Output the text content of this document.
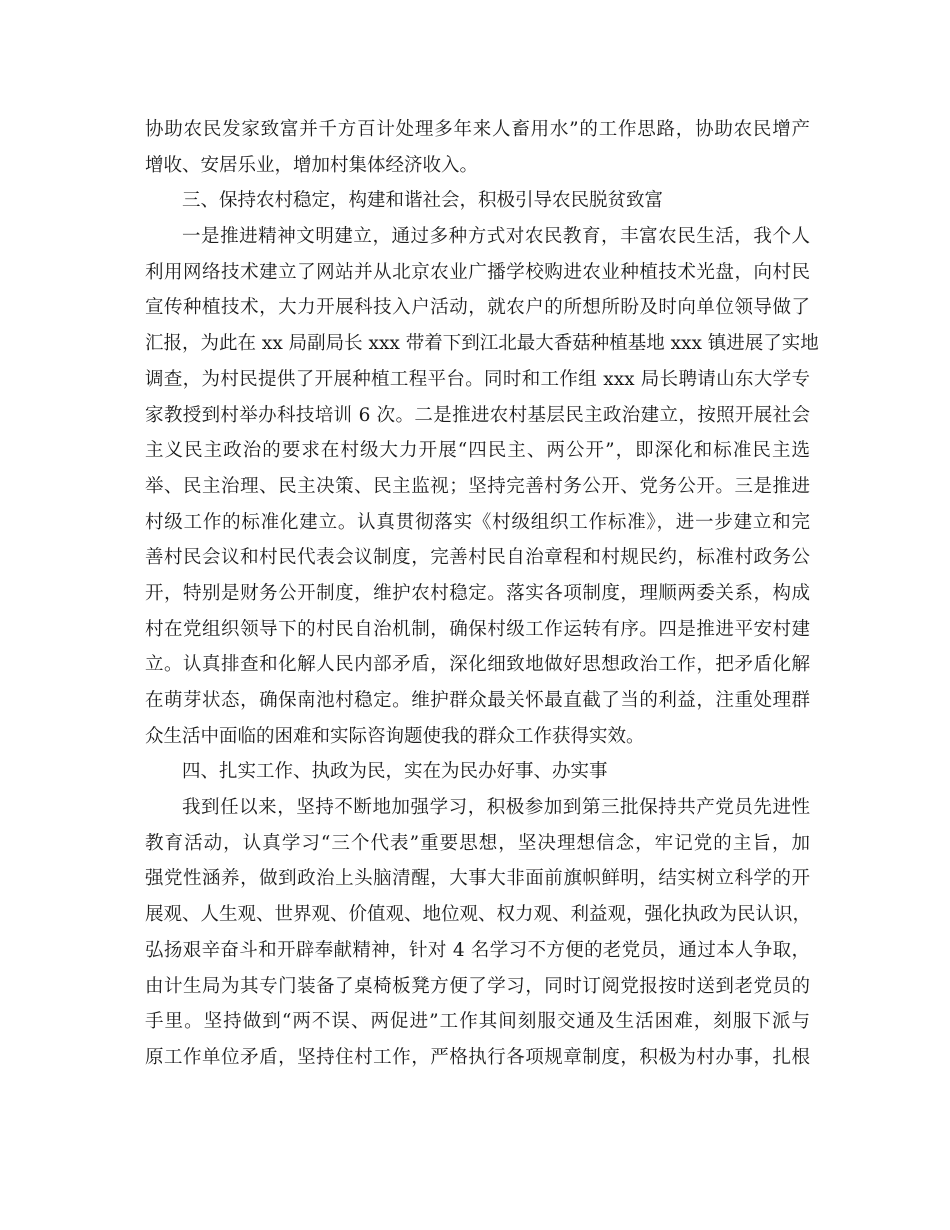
协助农民发家致富并千方百计处理多年来人畜用水”的工作思路，协助农民增产
增收、安居乐业，增加村集体经济收入。
三、保持农村稳定，构建和谐社会，积极引导农民脱贫致富
一是推进精神文明建立，通过多种方式对农民教育，丰富农民生活，我个人
利用网络技术建立了网站并从北京农业广播学校购进农业种植技术光盘，向村民
宣传种植技术，大力开展科技入户活动，就农户的所想所盼及时向单位领导做了
汇报，为此在 xx 局副局长 xxx 带着下到江北最大香菇种植基地 xxx 镇进展了实地
调查，为村民提供了开展种植工程平台。同时和工作组 xxx 局长聘请山东大学专
家教授到村举办科技培训 6 次。二是推进农村基层民主政治建立，按照开展社会
主义民主政治的要求在村级大力开展“四民主、两公开”，即深化和标准民主选
举、民主治理、民主决策、民主监视；坚持完善村务公开、党务公开。三是推进
村级工作的标准化建立。认真贯彻落实《村级组织工作标准》，进一步建立和完
善村民会议和村民代表会议制度，完善村民自治章程和村规民约，标准村政务公
开，特别是财务公开制度，维护农村稳定。落实各项制度，理顺两委关系，构成
村在党组织领导下的村民自治机制，确保村级工作运转有序。四是推进平安村建
立。认真排查和化解人民内部矛盾，深化细致地做好思想政治工作，把矛盾化解
在萌芽状态，确保南池村稳定。维护群众最关怀最直截了当的利益，注重处理群
众生活中面临的困难和实际咨询题使我的群众工作获得实效。
四、扎实工作、执政为民，实在为民办好事、办实事
我到任以来，坚持不断地加强学习，积极参加到第三批保持共产党员先进性
教育活动，认真学习“三个代表”重要思想，坚决理想信念，牢记党的主旨，加
强党性涵养，做到政治上头脑清醒，大事大非面前旗帜鲜明，结实树立科学的开
展观、人生观、世界观、价值观、地位观、权力观、利益观，强化执政为民认识，
弘扬艰辛奋斗和开辟奉献精神，针对 4 名学习不方便的老党员，通过本人争取，
由计生局为其专门装备了桌椅板凳方便了学习，同时订阅党报按时送到老党员的
手里。坚持做到“两不误、两促进”工作其间刻服交通及生活困难，刻服下派与
原工作单位矛盾，坚持住村工作，严格执行各项规章制度，积极为村办事，扎根
